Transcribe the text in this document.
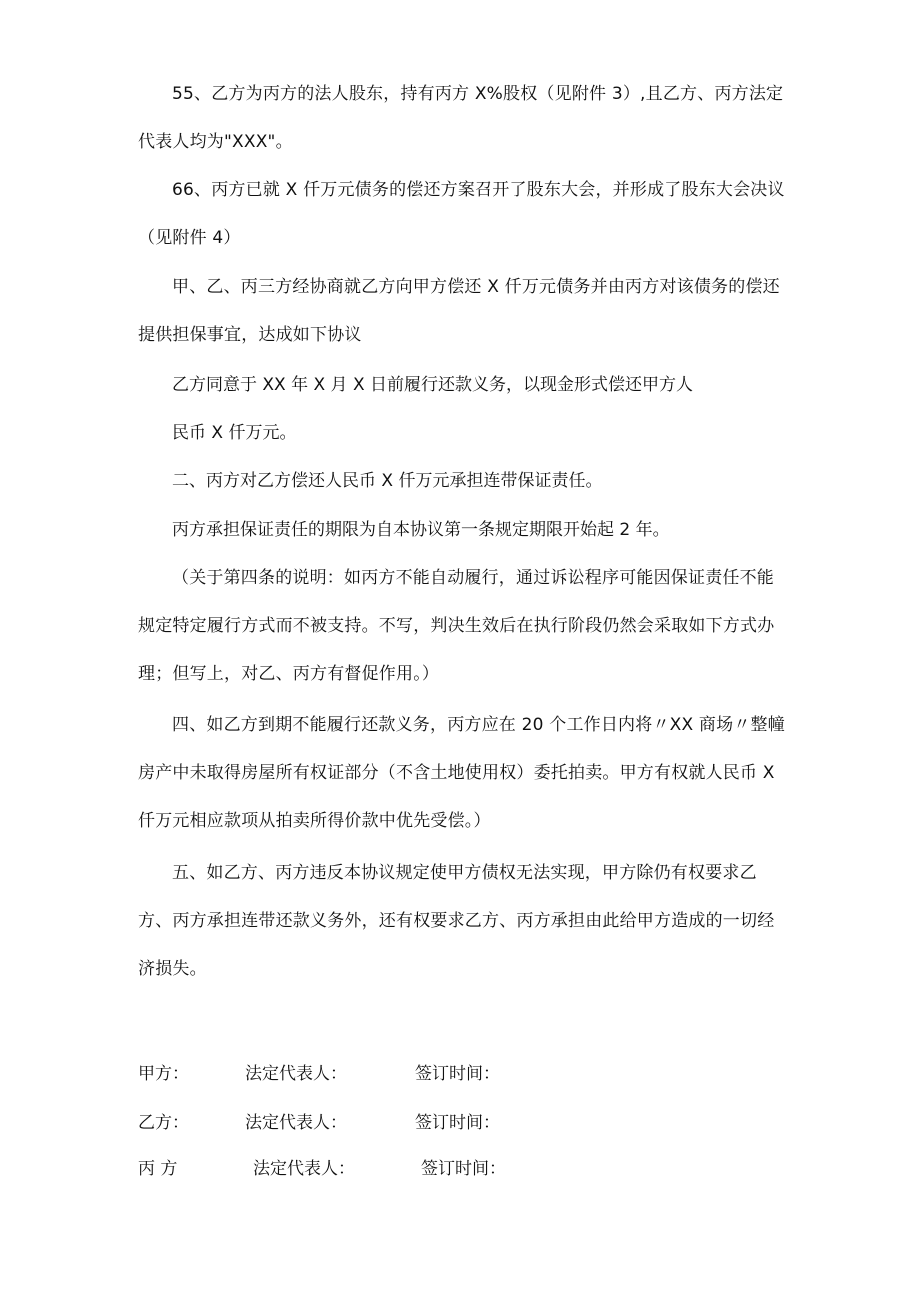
55、乙方为丙方的法人股东，持有丙方 X%股权（见附件 3）,且乙方、丙方法定代表人均为"XXX"。

66、丙方已就 X 仟万元债务的偿还方案召开了股东大会，并形成了股东大会决议（见附件 4）

甲、乙、丙三方经协商就乙方向甲方偿还 X 仟万元债务并由丙方对该债务的偿还提供担保事宜，达成如下协议

乙方同意于 XX 年 X 月 X 日前履行还款义务，以现金形式偿还甲方人
民币 X 仟万元。
二、丙方对乙方偿还人民币 X 仟万元承担连带保证责任。
丙方承担保证责任的期限为自本协议第一条规定期限开始起 2 年。

（关于第四条的说明：如丙方不能自动履行，通过诉讼程序可能因保证责任不能规定特定履行方式而不被支持。不写，判决生效后在执行阶段仍然会采取如下方式办理；但写上，对乙、丙方有督促作用。）

四、如乙方到期不能履行还款义务，丙方应在 20 个工作日内将〃XX 商场〃整幢房产中未取得房屋所有权证部分（不含土地使用权）委托拍卖。甲方有权就人民币 X 仟万元相应款项从拍卖所得价款中优先受偿。）

五、如乙方、丙方违反本协议规定使甲方债权无法实现，甲方除仍有权要求乙方、丙方承担连带还款义务外，还有权要求乙方、丙方承担由此给甲方造成的一切经济损失。

甲方：	法定代表人：	签订时间：
乙方：	法定代表人：	签订时间：
丙 方	法定代表人：	签订时间：
